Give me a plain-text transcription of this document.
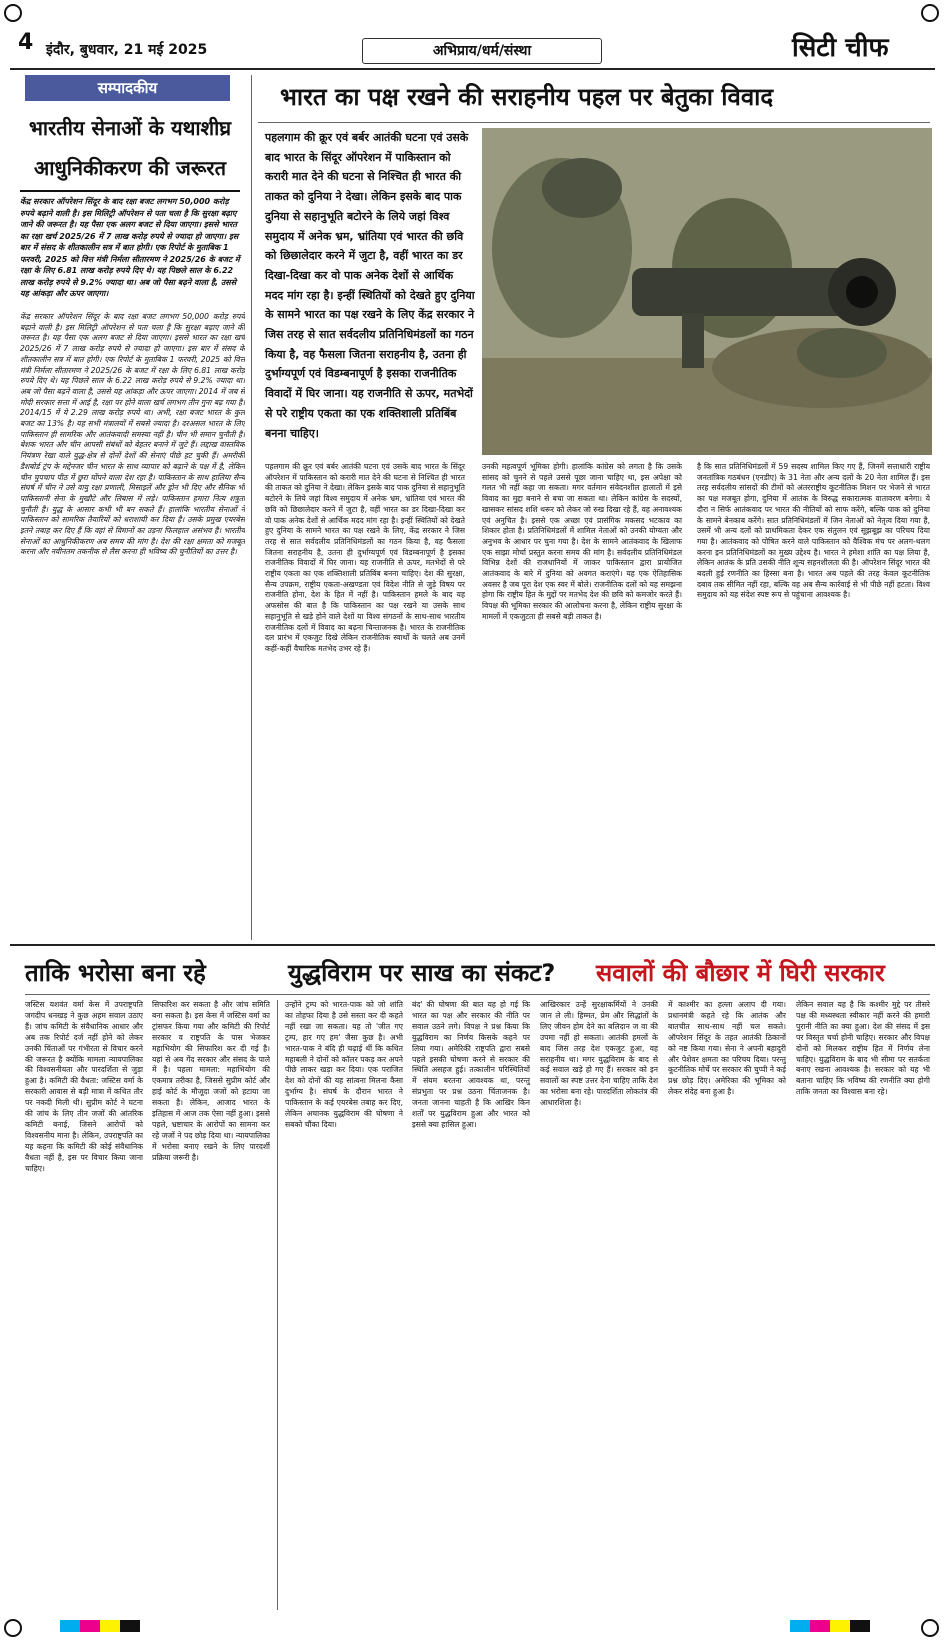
4 इंदौर, बुधवार, 21 मई 2025	अभिप्राय/धर्म/संस्था	सिटी चीफ
सम्पादकीय
भारतीय सेनाओं के यथाशीघ्र आधुनिकीकरण की जरूरत
केंद्र सरकार ऑपरेशन सिंदूर के बाद रक्षा बजट लगभग 50,000 करोड़ रुपये बढ़ाने वाली है। इस मिलिट्री ऑपरेशन से पता चला है कि सुरक्षा बढ़ाए जाने की जरूरत है। यह पैसा एक अलग बजट से दिया जाएगा। इससे भारत का रक्षा खर्च 2025/26 में 7 लाख करोड़ रुपये से ज्यादा हो जाएगा। इस बार में संसद के शीतकालीन सत्र में बात होगी। एक रिपोर्ट के मुताबिक 1 फरवरी, 2025 को वित्त मंत्री निर्मला सीतारमण ने 2025/26 के बजट में रक्षा के लिए 6.81 लाख करोड़ रुपये दिए थे। यह पिछले साल के 6.22 लाख करोड़ रुपये से 9.2% ज्यादा था। अब जो पैसा बढ़ने वाला है, उससे यह आंकड़ा और ऊपर जाएगा।
केंद्र सरकार ऑपरेशन सिंदूर के बाद रक्षा बजट लगभग 50,000 करोड़ रुपये बढ़ाने वाली है। इस मिलिट्री ऑपरेशन से पता चला है कि सुरक्षा बढ़ाए जाने की जरूरत है। यह पैसा एक अलग बजट से दिया जाएगा। इससे भारत का रक्षा खर्च 2025/26 में 7 लाख करोड़ रुपये से ज्यादा हो जाएगा। इस बार में संसद के शीतकालीन सत्र में बात होगी। एक रिपोर्ट के मुताबिक 1 फरवरी, 2025 को वित्त मंत्री निर्मला सीतारमण ने 2025/26 के बजट में रक्षा के लिए 6.81 लाख करोड़ रुपये दिए थे। यह पिछले साल के 6.22 लाख करोड़ रुपये से 9.2% ज्यादा था। अब जो पैसा बढ़ने वाला है, उससे यह आंकड़ा और ऊपर जाएगा। 2014 में जब से मोदी सरकार सत्ता में आई है, रक्षा पर होने वाला खर्च लगभग तीन गुना बढ़ गया है। 2014/15 में ये 2.29 लाख करोड़ रुपये था। अभी, रक्षा बजट भारत के कुल बजट का 13% है। यह सभी मंत्रालयों में सबसे ज्यादा है। दरअसल भारत के लिए पाकिस्तान ही सामरिक और आतंकवादी समस्या नहीं है। चीन भी समान चुनौती है। बेशक भारत और चीन आपसी संबंधों को बेहतर बनाने में जुटे हैं। लद्दाख वास्तविक नियंत्रण रेखा वाले युद्ध-क्षेत्र से दोनों देशों की सेनाएं पीछे हट चुकी हैं। अमरीकी डैशबोर्ड ट्रंप के मद्देनजर चीन भारत के साथ व्यापार को बढ़ाने के पक्ष में है, लेकिन चीन चुपचाप पीठ में छुरा घोंपने वाला देश रहा है। पाकिस्तान के साथ हालिया सैन्य संघर्ष में चीन ने उसे वायु रक्षा प्रणाली, मिसाइलें और ड्रोन भी दिए और सैनिक भी पाकिस्तानी सेना के मुखौटे और लिबास में लड़े। पाकिस्तान हमारा नित्य शत्रुता चुनौती है। युद्ध के आसार कभी भी बन सकते हैं। हालांकि भारतीय सेनाओं ने पाकिस्तान को सामरिक तैयारियों को धराशायी कर दिया है। उसके प्रमुख एयरबेस इतने तबाह कर दिए हैं कि वहां से विमानों का उड़ना फिलहाल असंभव है। भारतीय सेनाओं का आधुनिकीकरण अब समय की मांग है। देश की रक्षा क्षमता को मजबूत करना और नवीनतम तकनीक से लैस करना ही भविष्य की चुनौतियों का उत्तर है।
भारत का पक्ष रखने की सराहनीय पहल पर बेतुका विवाद
पहलगाम की क्रूर एवं बर्बर आतंकी घटना एवं उसके बाद भारत के सिंदूर ऑपरेशन में पाकिस्तान को करारी मात देने की घटना से निश्चित ही भारत की ताकत को दुनिया ने देखा। लेकिन इसके बाद पाक दुनिया से सहानुभूति बटोरने के लिये जहां विश्व समुदाय में अनेक भ्रम, भ्रांतिया एवं भारत की छवि को छिछालेदार करने में जुटा है, वहीं भारत का डर दिखा-दिखा कर वो पाक अनेक देशों से आर्थिक मदद मांग रहा है। इन्हीं स्थितियों को देखते हुए दुनिया के सामने भारत का पक्ष रखने के लिए केंद्र सरकार ने जिस तरह से सात सर्वदलीय प्रतिनिधिमंडलों का गठन किया है, वह फैसला जितना सराहनीय है, उतना ही दुर्भाग्यपूर्ण एवं विडम्बनापूर्ण है इसका राजनीतिक विवादों में घिर जाना। यह राजनीति से ऊपर, मतभेदों से परे राष्ट्रीय एकता का एक शक्तिशाली प्रतिबिंब बनना चाहिए।
पहलगाम की क्रूर एवं बर्बर आतंकी घटना एवं उसके बाद भारत के सिंदूर ऑपरेशन में पाकिस्तान को करारी मात देने की घटना से निश्चित ही भारत की ताकत को दुनिया ने देखा। लेकिन इसके बाद पाक दुनिया से सहानुभूति बटोरने के लिये जहां विश्व समुदाय में अनेक भ्रम, भ्रांतिया एवं भारत की छवि को छिछालेदार करने में जुटा है, वहीं भारत का डर दिखा-दिखा कर वो पाक अनेक देशों से आर्थिक मदद मांग रहा है। इन्हीं स्थितियों को देखते हुए दुनिया के सामने भारत का पक्ष रखने के लिए, केंद्र सरकार ने जिस तरह से सात सर्वदलीय प्रतिनिधिमंडलों का गठन किया है, वह फैसला जितना सराहनीय है, उतना ही दुर्भाग्यपूर्ण एवं विडम्बनापूर्ण है इसका राजनीतिक विवादों में घिर जाना। यह राजनीति से ऊपर, मतभेदों से परे राष्ट्रीय एकता का एक शक्तिशाली प्रतिबिंब बनना चाहिए। देश की सुरक्षा, सैन्य उपक्रम, राष्ट्रीय एकता-अखण्डता एवं विदेश नीति से जुड़े विषय पर राजनीति होना, देश के हित में नहीं है। पाकिस्तान हमले के बाद यह अफसोस की बात है कि पाकिस्तान का पक्ष रखने या उसके साथ सहानुभूति से खड़े होने वाले देशों या विश्व संगठनों के साथ-साथ भारतीय राजनीतिक दलों में विवाद का बढ़ना चिन्ताजनक है। भारत के राजनीतिक दल प्रारंभ में एकजुट दिखे लेकिन राजनीतिक स्वार्थों के चलते अब उनमें कहीं-कहीं वैचारिक मतभेद उभर रहे हैं।
उनकी महत्वपूर्ण भूमिका होगी। हालांकि कांग्रेस को लगता है कि उसके सांसद को चुनने से पहले उससे पूछा जाना चाहिए था, इस अपेक्षा को गलत भी नहीं कहा जा सकता। मगर वर्तमान संवेदनशील हालातों में इसे विवाद का मुद्दा बनाने से बचा जा सकता था। लेकिन कांग्रेस के सदस्यों, खासकर सांसद शशि थरूर को लेकर जो रुख दिखा रहे हैं, वह अनावश्यक एवं अनुचित है। इससे एक अच्छा एवं प्रासंगिक मकसद भटकाव का शिकार होता है। प्रतिनिधिमंडलों में शामिल नेताओं को उनकी योग्यता और अनुभव के आधार पर चुना गया है। देश के सामने आतंकवाद के खिलाफ एक साझा मोर्चा प्रस्तुत करना समय की मांग है। सर्वदलीय प्रतिनिधिमंडल विभिन्न देशों की राजधानियों में जाकर पाकिस्तान द्वारा प्रायोजित आतंकवाद के बारे में दुनिया को अवगत कराएंगे। यह एक ऐतिहासिक अवसर है जब पूरा देश एक स्वर में बोले। राजनीतिक दलों को यह समझना होगा कि राष्ट्रीय हित के मुद्दों पर मतभेद देश की छवि को कमजोर करते हैं। विपक्ष की भूमिका सरकार की आलोचना करना है, लेकिन राष्ट्रीय सुरक्षा के मामलों में एकजुटता ही सबसे बड़ी ताकत है।
है कि सात प्रतिनिधिमंडलों में 59 सदस्य शामिल किए गए हैं, जिनमें सत्ताधारी राष्ट्रीय जनतांत्रिक गठबंधन (एनडीए) के 31 नेता और अन्य दलों के 20 नेता शामिल हैं। इस तरह सर्वदलीय सांसदों की टीमों को अंतरराष्ट्रीय कूटनीतिक मिशन पर भेजने से भारत का पक्ष मजबूत होगा, दुनिया में आतंक के विरुद्ध सकारात्मक वातावरण बनेगा। ये दौरा न सिर्फ आतंकवाद पर भारत की नीतियों को साफ करेंगे, बल्कि पाक को दुनिया के सामने बेनकाब करेंगे। सात प्रतिनिधिमंडलों में जिन नेताओं को नेतृत्व दिया गया है, उसमें भी अन्य दलों को प्राथमिकता देकर एक संतुलन एवं सूझबूझ का परिचय दिया गया है। आतंकवाद को पोषित करने वाले पाकिस्तान को वैश्विक मंच पर अलग-थलग करना इन प्रतिनिधिमंडलों का मुख्य उद्देश्य है। भारत ने हमेशा शांति का पक्ष लिया है, लेकिन आतंक के प्रति उसकी नीति शून्य सहनशीलता की है। ऑपरेशन सिंदूर भारत की बदली हुई रणनीति का हिस्सा बना है। भारत अब पहले की तरह केवल कूटनीतिक दबाव तक सीमित नहीं रहा, बल्कि वह अब सैन्य कार्रवाई से भी पीछे नहीं हटता। विश्व समुदाय को यह संदेश स्पष्ट रूप से पहुंचाना आवश्यक है।
ताकि भरोसा बना रहे	युद्धविराम पर साख का संकट? सवालों की बौछार में घिरी सरकार
जस्टिस यशवंत वर्मा केस में उपराष्ट्रपति जगदीप धनखड़ ने कुछ अहम सवाल उठाए हैं। जांच कमिटी के संवैधानिक आधार और अब तक रिपोर्ट दर्ज नहीं होने को लेकर उनकी चिंताओं पर गंभीरता से विचार करने की जरूरत है क्योंकि मामला न्यायपालिका की विश्वसनीयता और पारदर्शिता से जुड़ा हुआ है। कमिटी की वैधता: जस्टिस वर्मा के सरकारी आवास से बड़ी मात्रा में कथित तौर पर नकदी मिली थी। सुप्रीम कोर्ट ने घटना की जांच के लिए तीन जजों की आंतरिक कमिटी बनाई, जिसने आरोपों को विश्वसनीय माना है। लेकिन, उपराष्ट्रपति का यह कहना कि कमिटी की कोई संवैधानिक वैधता नहीं है, इस पर विचार किया जाना चाहिए।
सिफारिश कर सकता है और जांच समिति बना सकता है। इस केस में जस्टिस वर्मा का ट्रांसफर किया गया और कमिटी की रिपोर्ट सरकार व राष्ट्रपति के पास भेजकर महाभियोग की सिफारिश कर दी गई है। यहां से अब गेंद सरकार और संसद के पाले में है। पहला मामला: महाभियोग की एकमात्र तरीका है, जिससे सुप्रीम कोर्ट और हाई कोर्ट के मौजूदा जजों को हटाया जा सकता है। लेकिन, आजाद भारत के इतिहास में आज तक ऐसा नहीं हुआ। इससे पहले, भ्रष्टाचार के आरोपों का सामना कर रहे जजों ने पद छोड़ दिया था। न्यायपालिका में भरोसा बनाए रखने के लिए पारदर्शी प्रक्रिया जरूरी है।
उन्होंने ट्रम्प को भारत-पाक को जो शांति का तोहफा दिया है उसे सस्ता कर दी कहते नहीं रखा जा सकता। यह तो 'जीत गए ट्रम्प, हार गए हम' जैसा कुछ है। अभी भारत-पाक ने बंदि ही चढ़ाई थीं कि कथित महाबली ने दोनों को कॉलर पकड़ कर अपने पीछे लाकर खड़ा कर दिया। एक पराजित देश को दोनों की यह सांत्वना मिलना कैसा दुर्भाग्य है। संघर्ष के दौरान भारत ने पाकिस्तान के कई एयरबेस तबाह कर दिए, लेकिन अचानक युद्धविराम की घोषणा ने सबको चौंका दिया।
बंद' की घोषणा की बात यह हो गई कि भारत का पक्ष और सरकार की नीति पर सवाल उठने लगे। विपक्ष ने प्रश्न किया कि युद्धविराम का निर्णय किसके कहने पर लिया गया। अमेरिकी राष्ट्रपति द्वारा सबसे पहले इसकी घोषणा करने से सरकार की स्थिति असहज हुई। तत्कालीन परिस्थितियों में संयम बरतना आवश्यक था, परन्तु संप्रभुता पर प्रश्न उठना चिंताजनक है। जनता जानना चाहती है कि आखिर किन शर्तों पर युद्धविराम हुआ और भारत को इससे क्या हासिल हुआ।
आखिरकार उन्हें सुरक्षाकर्मियों ने उनकी जान ले ली। हिम्मत, प्रेम और सिद्धांतों के लिए जीवन होम देने का बलिदान ज वा की उपमा नहीं हो सकता। आतंकी हमलों के बाद जिस तरह देश एकजुट हुआ, वह सराहनीय था। मगर युद्धविराम के बाद से कई सवाल खड़े हो गए हैं। सरकार को इन सवालों का स्पष्ट उत्तर देना चाहिए ताकि देश का भरोसा बना रहे। पारदर्शिता लोकतंत्र की आधारशिला है।
में काश्मीर का हल्ला अलाप दी गया। प्रधानमंत्री कहते रहे कि आतंक और बातचीत साथ-साथ नहीं चल सकते। ऑपरेशन सिंदूर के तहत आतंकी ठिकानों को नष्ट किया गया। सेना ने अपनी बहादुरी और पेशेवर क्षमता का परिचय दिया। परन्तु कूटनीतिक मोर्चे पर सरकार की चुप्पी ने कई प्रश्न छोड़ दिए। अमेरिका की भूमिका को लेकर संदेह बना हुआ है।
लेकिन सवाल यह है कि कश्मीर मुद्दे पर तीसरे पक्ष की मध्यस्थता स्वीकार नहीं करने की हमारी पुरानी नीति का क्या हुआ। देश की संसद में इस पर विस्तृत चर्चा होनी चाहिए। सरकार और विपक्ष दोनों को मिलकर राष्ट्रीय हित में निर्णय लेना चाहिए। युद्धविराम के बाद भी सीमा पर सतर्कता बनाए रखना आवश्यक है। सरकार को यह भी बताना चाहिए कि भविष्य की रणनीति क्या होगी ताकि जनता का विश्वास बना रहे।
